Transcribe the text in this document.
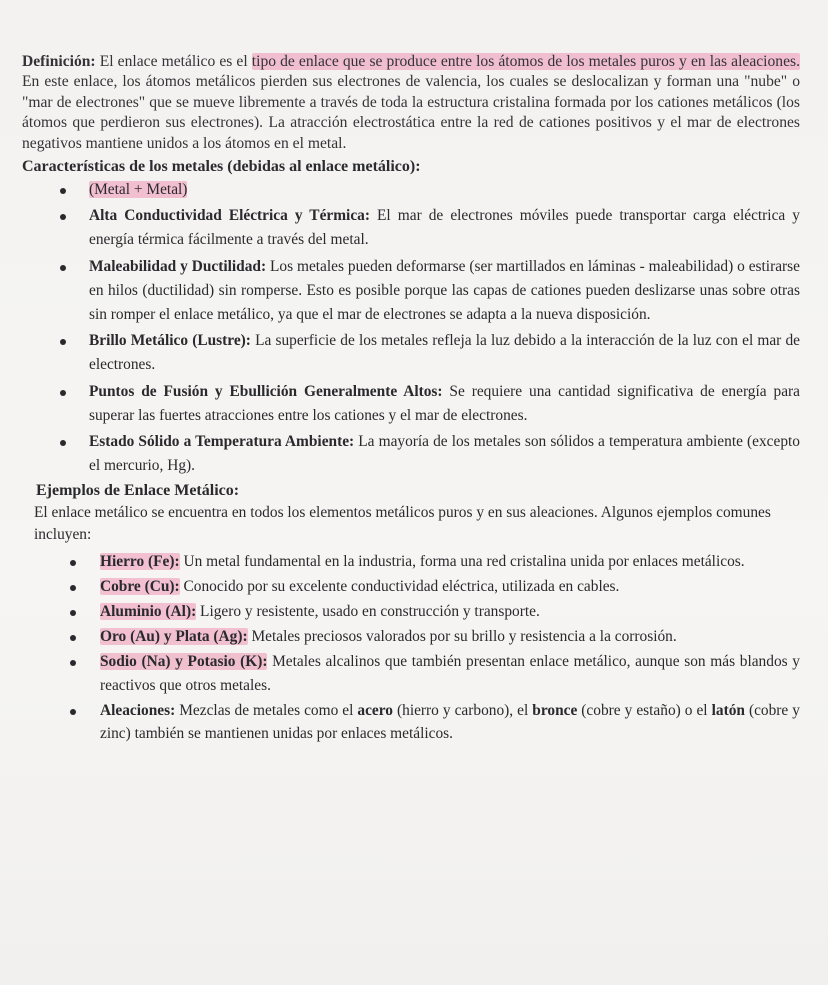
Definición: El enlace metálico es el tipo de enlace que se produce entre los átomos de los metales puros y en las aleaciones. En este enlace, los átomos metálicos pierden sus electrones de valencia, los cuales se deslocalizan y forman una "nube" o "mar de electrones" que se mueve libremente a través de toda la estructura cristalina formada por los cationes metálicos (los átomos que perdieron sus electrones). La atracción electrostática entre la red de cationes positivos y el mar de electrones negativos mantiene unidos a los átomos en el metal.

Características de los metales (debidas al enlace metálico):

(Metal + Metal)
Alta Conductividad Eléctrica y Térmica: El mar de electrones móviles puede transportar carga eléctrica y energía térmica fácilmente a través del metal.
Maleabilidad y Ductilidad: Los metales pueden deformarse (ser martillados en láminas - maleabilidad) o estirarse en hilos (ductilidad) sin romperse. Esto es posible porque las capas de cationes pueden deslizarse unas sobre otras sin romper el enlace metálico, ya que el mar de electrones se adapta a la nueva disposición.
Brillo Metálico (Lustre): La superficie de los metales refleja la luz debido a la interacción de la luz con el mar de electrones.
Puntos de Fusión y Ebullición Generalmente Altos: Se requiere una cantidad significativa de energía para superar las fuertes atracciones entre los cationes y el mar de electrones.
Estado Sólido a Temperatura Ambiente: La mayoría de los metales son sólidos a temperatura ambiente (excepto el mercurio, Hg).

Ejemplos de Enlace Metálico:

El enlace metálico se encuentra en todos los elementos metálicos puros y en sus aleaciones. Algunos ejemplos comunes incluyen:

Hierro (Fe): Un metal fundamental en la industria, forma una red cristalina unida por enlaces metálicos.
Cobre (Cu): Conocido por su excelente conductividad eléctrica, utilizada en cables.
Aluminio (Al): Ligero y resistente, usado en construcción y transporte.
Oro (Au) y Plata (Ag): Metales preciosos valorados por su brillo y resistencia a la corrosión.
Sodio (Na) y Potasio (K): Metales alcalinos que también presentan enlace metálico, aunque son más blandos y reactivos que otros metales.
Aleaciones: Mezclas de metales como el acero (hierro y carbono), el bronce (cobre y estaño) o el latón (cobre y zinc) también se mantienen unidas por enlaces metálicos.
